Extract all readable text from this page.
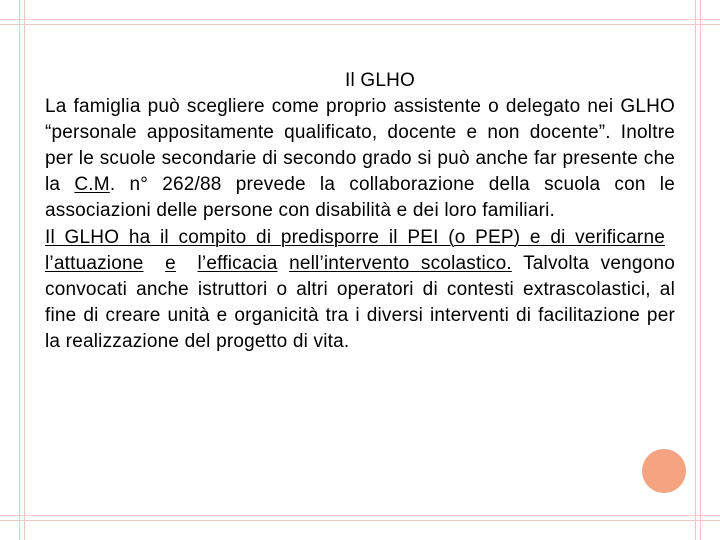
Il GLHO
La famiglia può scegliere come proprio assistente o delegato nei GLHO “personale appositamente qualificato, docente e non docente”. Inoltre per le scuole secondarie di secondo grado si può anche far presente che la C.M. n° 262/88 prevede la collaborazione della scuola con le associazioni delle persone con disabilità e dei loro familiari.
Il GLHO ha il compito di predisporre il PEI (o PEP) e di verificarne l’attuazione e l’efficacia nell’intervento scolastico. Talvolta vengono convocati anche istruttori o altri operatori di contesti extrascolastici, al fine di creare unità e organicità tra i diversi interventi di facilitazione per la realizzazione del progetto di vita.
